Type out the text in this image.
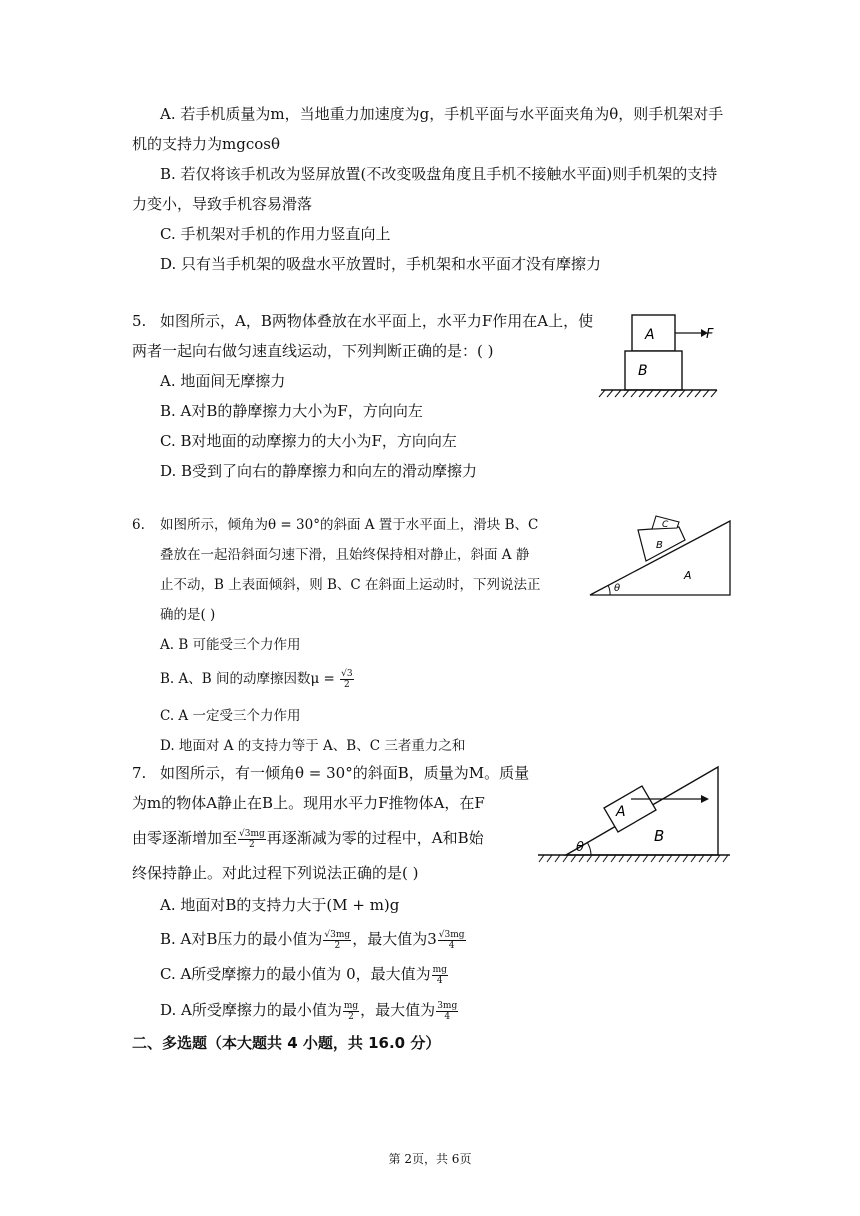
A. 若手机质量为m，当地重力加速度为g，手机平面与水平面夹角为θ，则手机架对手
机的支持力为mgcosθ
B. 若仅将该手机改为竖屏放置(不改变吸盘角度且手机不接触水平面)则手机架的支持
力变小，导致手机容易滑落
C. 手机架对手机的作用力竖直向上
D. 只有当手机架的吸盘水平放置时，手机架和水平面才没有摩擦力
5. 如图所示，A，B两物体叠放在水平面上，水平力F作用在A上，使
两者一起向右做匀速直线运动，下列判断正确的是：( )
A. 地面间无摩擦力
B. A对B的静摩擦力大小为F，方向向左
C. B对地面的动摩擦力的大小为F，方向向左
D. B受到了向右的静摩擦力和向左的滑动摩擦力
A
B
F
6. 如图所示，倾角为θ = 30°的斜面 A 置于水平面上，滑块 B、C
叠放在一起沿斜面匀速下滑，且始终保持相对静止，斜面 A 静
止不动，B 上表面倾斜，则 B、C 在斜面上运动时，下列说法正
确的是( )
A. B 可能受三个力作用
B. A、B 间的动摩擦因数$\mu = \frac{√3}{2}$
C. A 一定受三个力作用
D. 地面对 A 的支持力等于 A、B、C 三者重力之和
A
θ
B
C
7. 如图所示，有一倾角θ = 30°的斜面B，质量为M。质量
为m的物体A静止在B上。现用水平力F推物体A，在F
由零逐渐增加至 $\frac{√3mg}{2}$ 再逐渐减为零的过程中，A和B始
终保持静止。对此过程下列说法正确的是( )
A. 地面对B的支持力大于(M + m)g
B. A对B压力的最小值为 $\frac{√3mg}{2}$ ，最大值为$3 \frac{√3mg}{4}$
C. A所受摩擦力的最小值为 0，最大值为 $\frac{mg}{4}$
D. A所受摩擦力的最小值为 $\frac{mg}{2}$ ，最大值为 $\frac{3mg}{4}$
B
θ
A
二、多选题（本大题共 4 小题，共 16.0 分）
第 2页，共 6页
